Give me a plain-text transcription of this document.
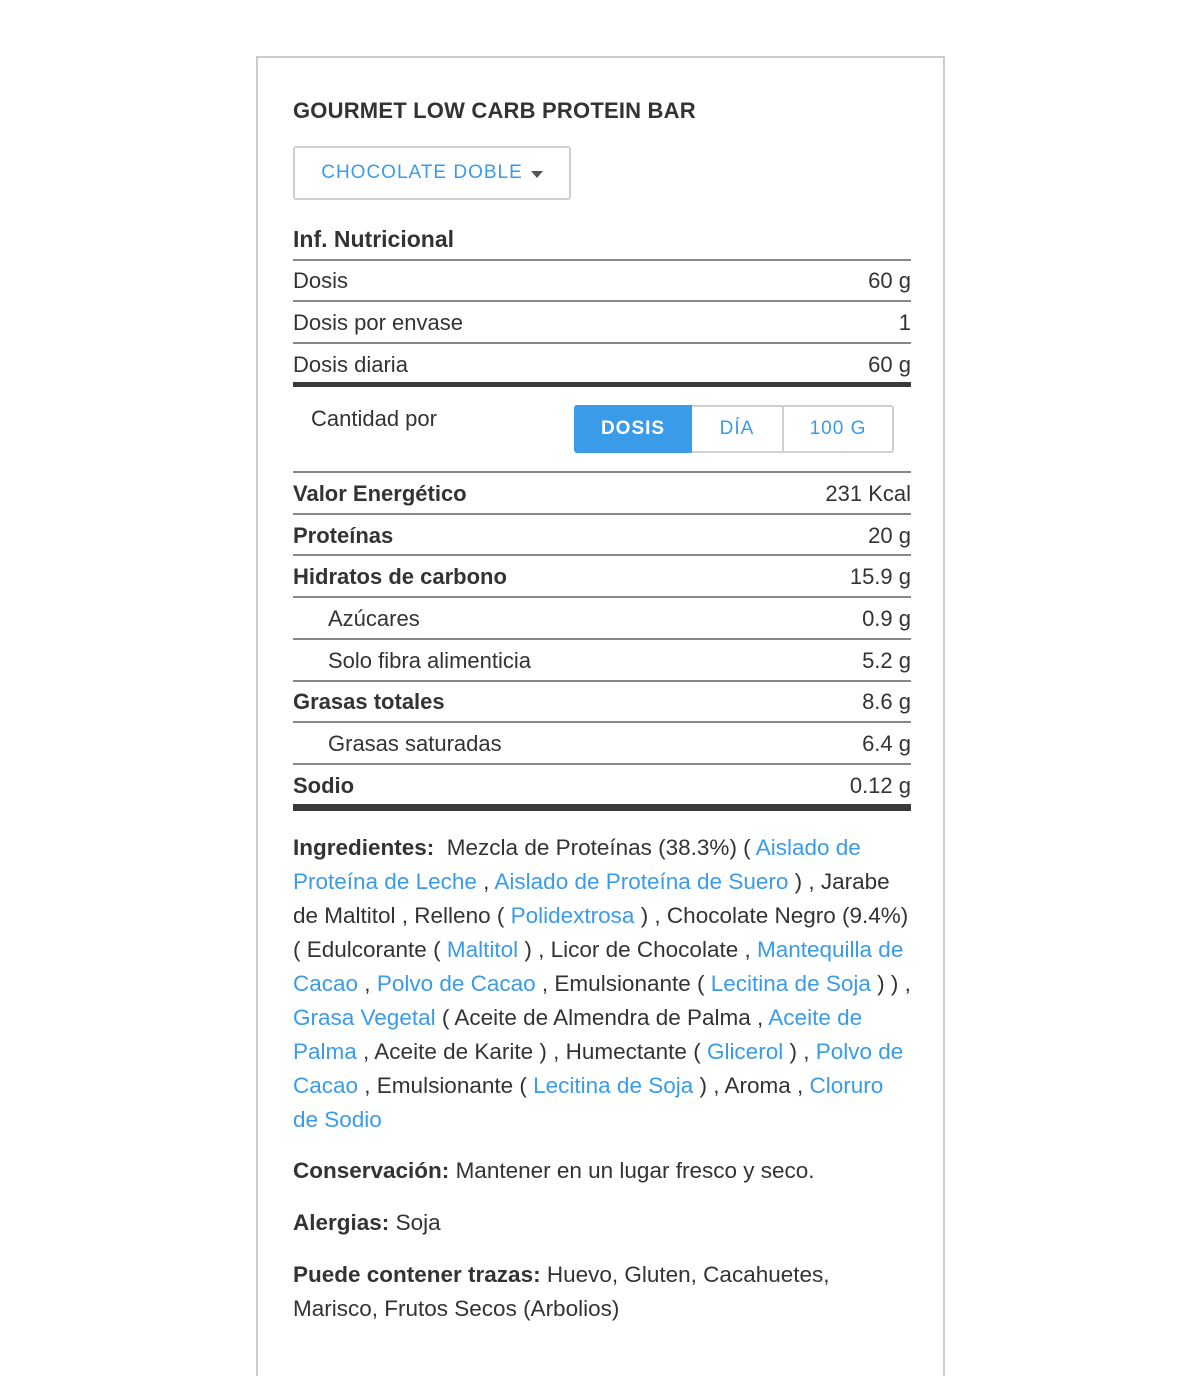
GOURMET LOW CARB PROTEIN BAR
CHOCOLATE DOBLE
Inf. Nutricional
Dosis	60 g
Dosis por envase	1
Dosis diaria	60 g
Cantidad por	DOSIS	DÍA	100 G
Valor Energético	231 Kcal
Proteínas	20 g
Hidratos de carbono	15.9 g
Azúcares	0.9 g
Solo fibra alimenticia	5.2 g
Grasas totales	8.6 g
Grasas saturadas	6.4 g
Sodio	0.12 g
Ingredientes: Mezcla de Proteínas (38.3%) ( Aislado de Proteína de Leche , Aislado de Proteína de Suero ) , Jarabe de Maltitol , Relleno ( Polidextrosa ) , Chocolate Negro (9.4%) ( Edulcorante ( Maltitol ) , Licor de Chocolate , Mantequilla de Cacao , Polvo de Cacao , Emulsionante ( Lecitina de Soja ) ) , Grasa Vegetal ( Aceite de Almendra de Palma , Aceite de Palma , Aceite de Karite ) , Humectante ( Glicerol ) , Polvo de Cacao , Emulsionante ( Lecitina de Soja ) , Aroma , Cloruro de Sodio
Conservación: Mantener en un lugar fresco y seco.
Alergias: Soja
Puede contener trazas: Huevo, Gluten, Cacahuetes, Marisco, Frutos Secos (Arbolios)
